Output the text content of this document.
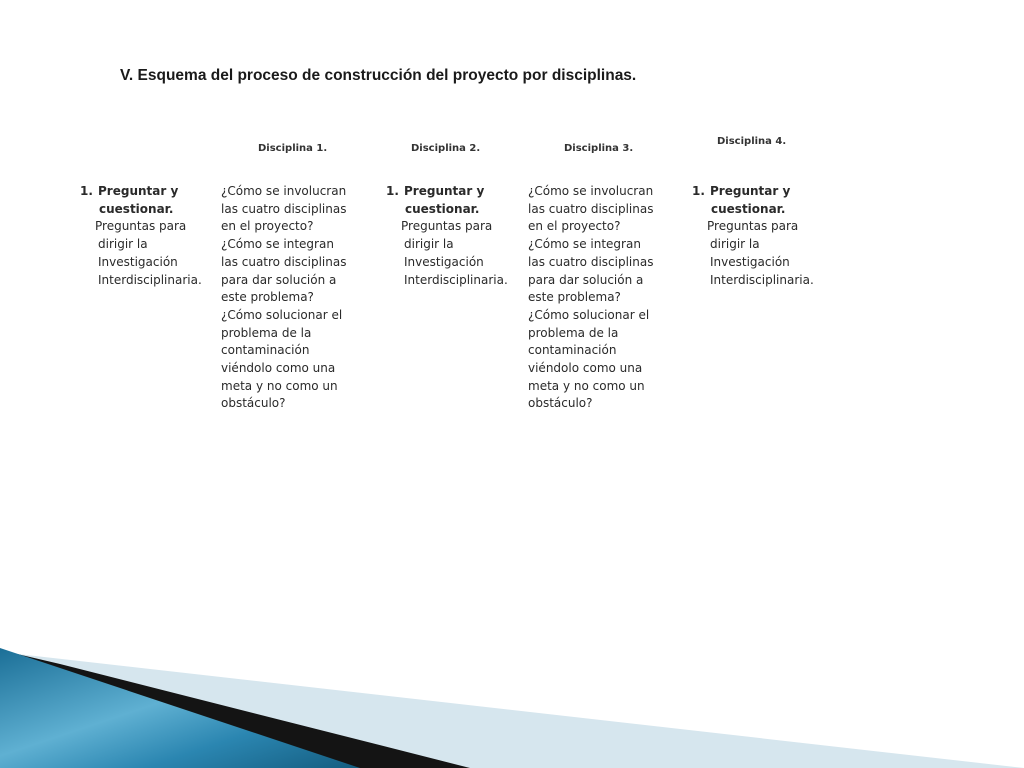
V. Esquema del proceso de construcción del proyecto por disciplinas.
Disciplina 1.	Disciplina 2.	Disciplina 3.
Disciplina 4.
1. Preguntar y
cuestionar.
Preguntas para
dirigir la
Investigación
Interdisciplinaria.
¿Cómo se involucran
las cuatro disciplinas
en el proyecto?
¿Cómo se integran
las cuatro disciplinas
para dar solución a
este problema?
¿Cómo solucionar el
problema de la
contaminación
viéndolo como una
meta y no como un
obstáculo?
1. Preguntar y
cuestionar.
Preguntas para
dirigir la
Investigación
Interdisciplinaria.
¿Cómo se involucran
las cuatro disciplinas
en el proyecto?
¿Cómo se integran
las cuatro disciplinas
para dar solución a
este problema?
¿Cómo solucionar el
problema de la
contaminación
viéndolo como una
meta y no como un
obstáculo?
1. Preguntar y
cuestionar.
Preguntas para
dirigir la
Investigación
Interdisciplinaria.
